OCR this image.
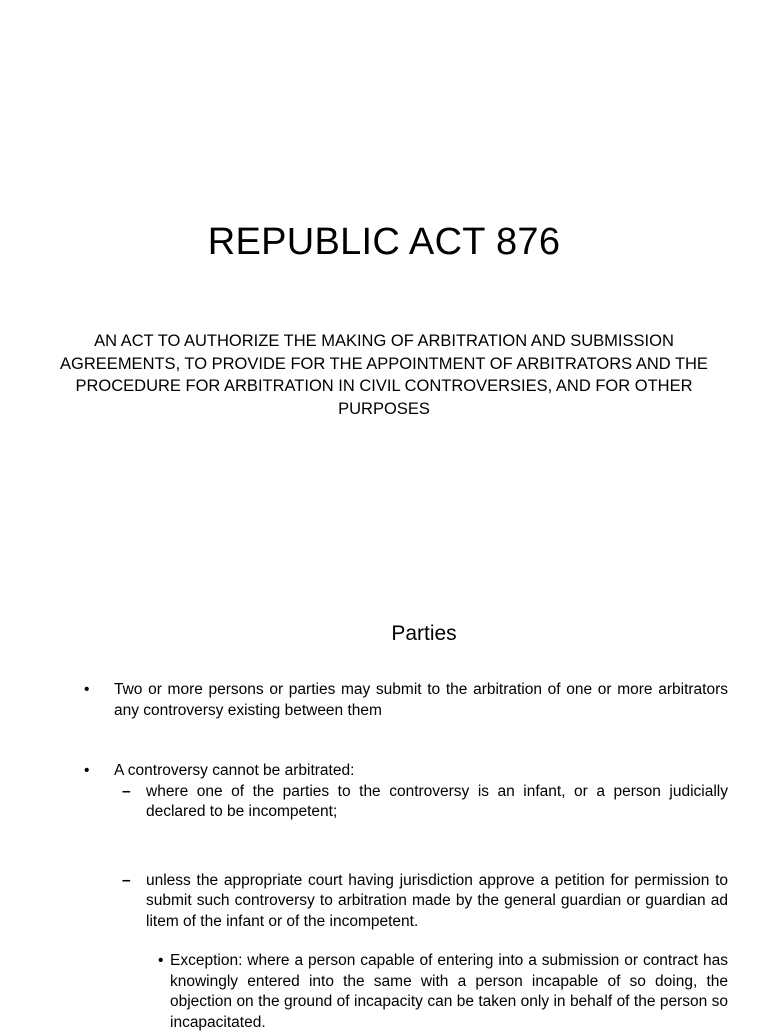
REPUBLIC ACT 876
AN ACT TO AUTHORIZE THE MAKING OF ARBITRATION AND SUBMISSION AGREEMENTS, TO PROVIDE FOR THE APPOINTMENT OF ARBITRATORS AND THE PROCEDURE FOR ARBITRATION IN CIVIL CONTROVERSIES, AND FOR OTHER PURPOSES
Parties
• Two or more persons or parties may submit to the arbitration of one or more arbitrators any controversy existing between them
• A controversy cannot be arbitrated:
– where one of the parties to the controversy is an infant, or a person judicially declared to be incompetent;
– unless the appropriate court having jurisdiction approve a petition for permission to submit such controversy to arbitration made by the general guardian or guardian ad litem of the infant or of the incompetent.
• Exception: where a person capable of entering into a submission or contract has knowingly entered into the same with a person incapable of so doing, the objection on the ground of incapacity can be taken only in behalf of the person so incapacitated.
